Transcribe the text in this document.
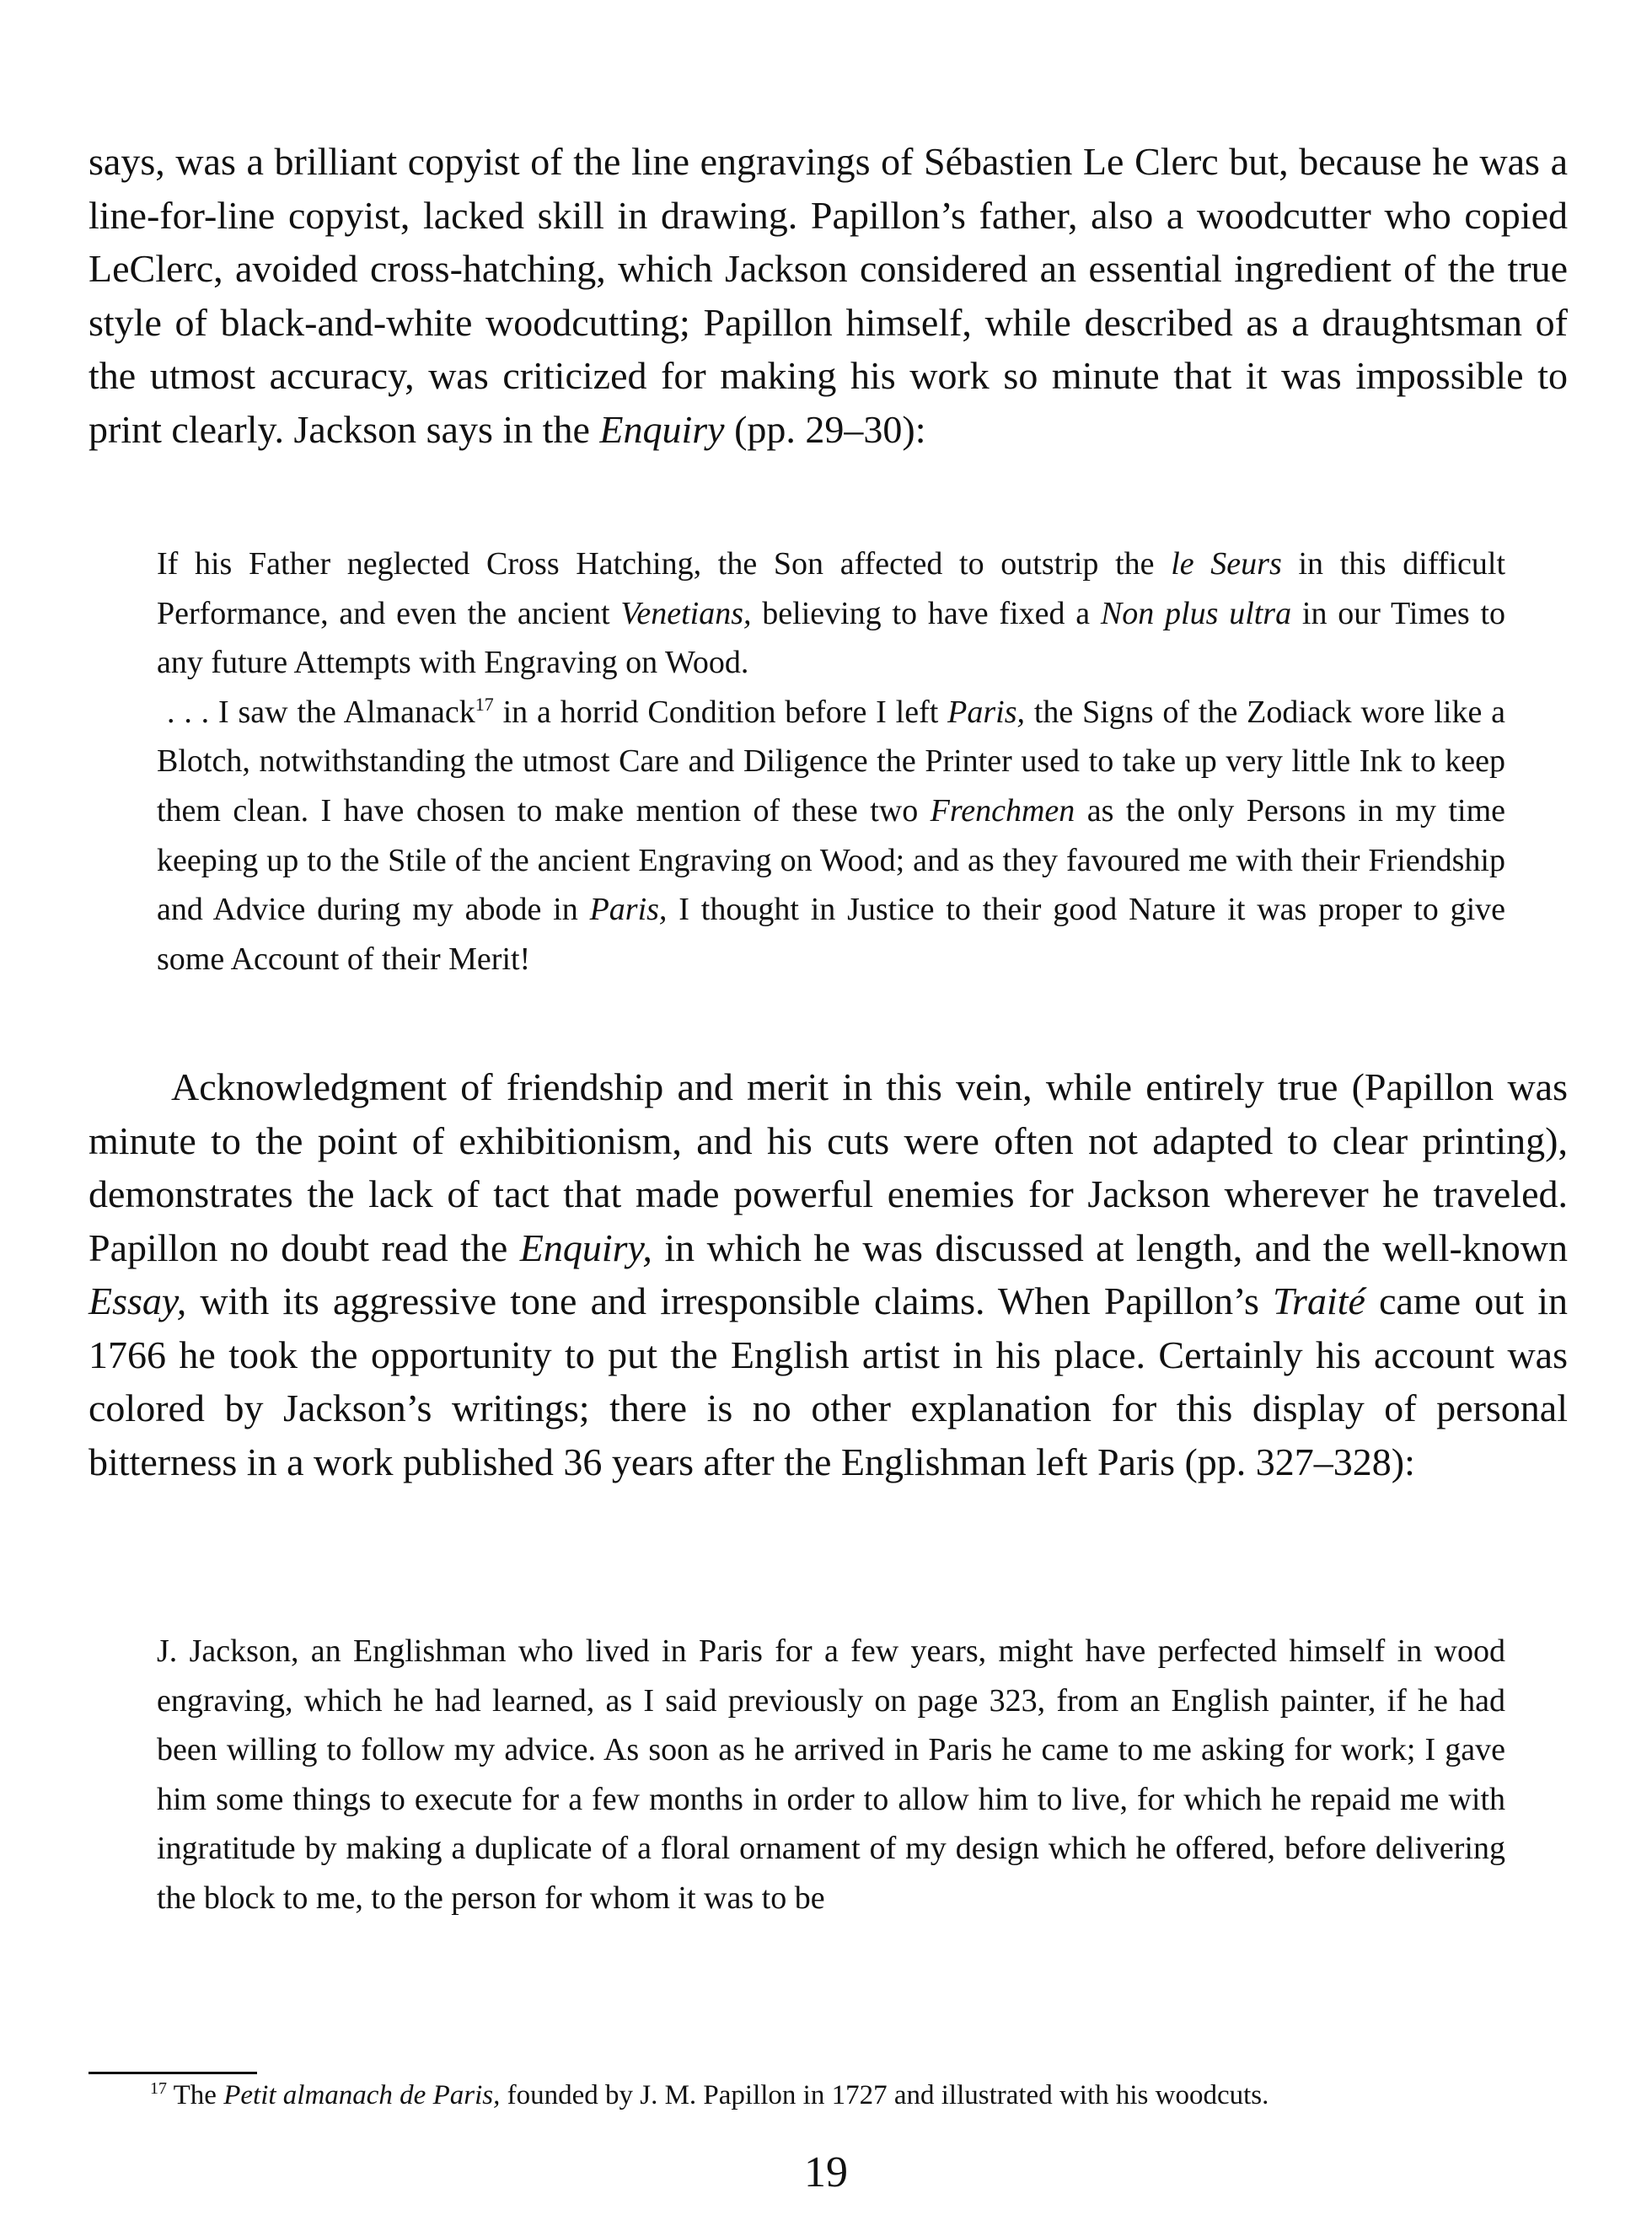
says, was a brilliant copyist of the line engravings of Sébastien Le Clerc but, because he was a line-for-line copyist, lacked skill in drawing. Papillon’s father, also a woodcutter who copied LeClerc, avoided cross-hatching, which Jackson considered an essential ingredient of the true style of black-and-white woodcutting; Papillon himself, while described as a draughtsman of the utmost accuracy, was criticized for making his work so minute that it was impossible to print clearly. Jackson says in the Enquiry (pp. 29–30):

If his Father neglected Cross Hatching, the Son affected to outstrip the le Seurs in this difficult Performance, and even the ancient Venetians, believing to have fixed a Non plus ultra in our Times to any future Attempts with Engraving on Wood.
. . . I saw the Almanack$^{17}$ in a horrid Condition before I left Paris, the Signs of the Zodiack wore like a Blotch, notwithstanding the utmost Care and Diligence the Printer used to take up very little Ink to keep them clean. I have chosen to make mention of these two Frenchmen as the only Persons in my time keeping up to the Stile of the ancient Engraving on Wood; and as they favoured me with their Friendship and Advice during my abode in Paris, I thought in Justice to their good Nature it was proper to give some Account of their Merit!

Acknowledgment of friendship and merit in this vein, while entirely true (Papillon was minute to the point of exhibitionism, and his cuts were often not adapted to clear printing), demonstrates the lack of tact that made powerful enemies for Jackson wherever he traveled. Papillon no doubt read the Enquiry, in which he was discussed at length, and the well-known Essay, with its aggressive tone and irresponsible claims. When Papillon’s Traité came out in 1766 he took the opportunity to put the English artist in his place. Certainly his account was colored by Jackson’s writings; there is no other explanation for this display of personal bitterness in a work published 36 years after the Englishman left Paris (pp. 327–328):

J. Jackson, an Englishman who lived in Paris for a few years, might have perfected himself in wood engraving, which he had learned, as I said previously on page 323, from an English painter, if he had been willing to follow my advice. As soon as he arrived in Paris he came to me asking for work; I gave him some things to execute for a few months in order to allow him to live, for which he repaid me with ingratitude by making a duplicate of a floral ornament of my design which he offered, before delivering the block to me, to the person for whom it was to be

$^{17}$ The Petit almanach de Paris, founded by J. M. Papillon in 1727 and illustrated with his woodcuts.

19
